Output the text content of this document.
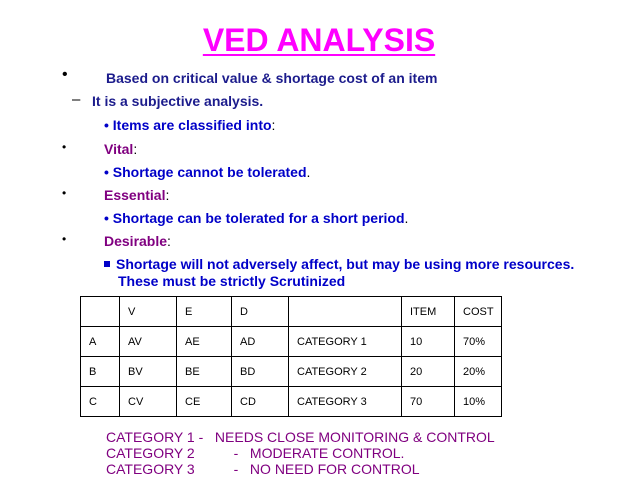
VED ANALYSIS
•	Based on critical value & shortage cost of an item
– It is a subjective analysis.
• Items are classified into:
•	Vital:
• Shortage cannot be tolerated.
•	Essential:
• Shortage can be tolerated for a short period.
•	Desirable:
Shortage will not adversely affect, but may be using more resources.
These must be strictly Scrutinized
	V	E	D		ITEM	COST
A	AV	AE	AD	CATEGORY 1	10	70%
B	BV	BE	BD	CATEGORY 2	20	20%
C	CV	CE	CD	CATEGORY 3	70	10%
CATEGORY 1 -   NEEDS CLOSE MONITORING & CONTROL
CATEGORY 2          -   MODERATE CONTROL.
CATEGORY 3          -   NO NEED FOR CONTROL
